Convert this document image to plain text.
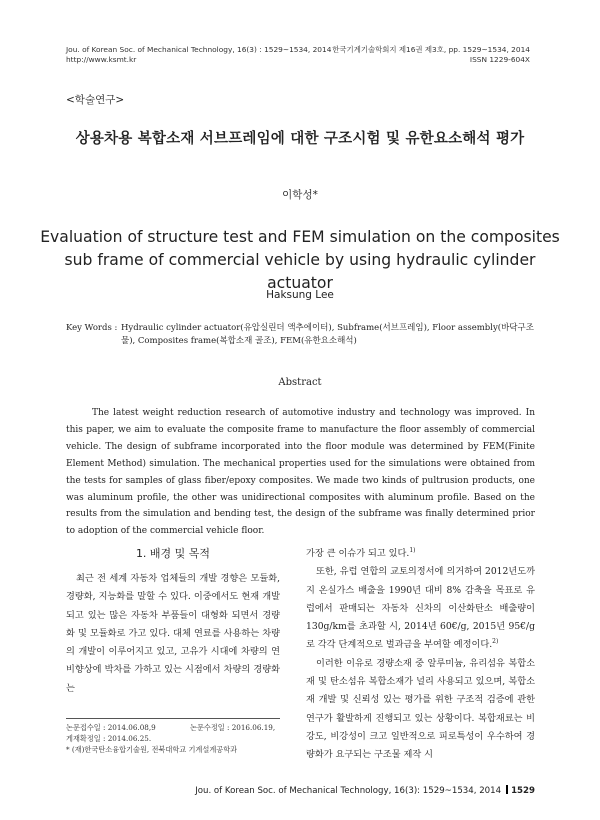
Jou. of Korean Soc. of Mechanical Technology, 16(3) : 1529~1534, 2014
http://www.ksmt.kr
한국기계기술학회지 제16권 제3호, pp. 1529~1534, 2014
ISSN 1229-604X
<학술연구>
상용차용 복합소재 서브프레임에 대한 구조시험 및 유한요소해석 평가
이학성*
Evaluation of structure test and FEM simulation on the composites
sub frame of commercial vehicle by using hydraulic cylinder actuator
Haksung Lee
Key Words : Hydraulic cylinder actuator(유압실린더 액추에이터), Subframe(서브프레임), Floor assembly(바닥구조물), Composites frame(복합소재 골조), FEM(유한요소해석)
Abstract
The latest weight reduction research of automotive industry and technology was improved. In this paper, we aim to evaluate the composite frame to manufacture the floor assembly of commercial vehicle. The design of subframe incorporated into the floor module was determined by FEM(Finite Element Method) simulation. The mechanical properties used for the simulations were obtained from the tests for samples of glass fiber/epoxy composites. We made two kinds of pultrusion products, one was aluminum profile, the other was unidirectional composites with aluminum profile. Based on the results from the simulation and bending test, the design of the subframe was finally determined prior to adoption of the commercial vehicle floor.
1. 배경 및 목적
최근 전 세계 자동차 업체들의 개발 경향은 모듈화, 경량화, 지능화를 말할 수 있다. 이중에서도 현재 개발되고 있는 많은 자동차 부품들이 대형화 되면서 경량화 및 모듈화로 가고 있다. 대체 연료를 사용하는 차량의 개발이 이루어지고 있고, 고유가 시대에 차량의 연비향상에 박차를 가하고 있는 시점에서 차량의 경량화는

가장 큰 이슈가 되고 있다.$^{1)}$

또한, 유럽 연합의 교토의정서에 의거하여 2012년도까지 온실가스 배출을 1990년 대비 8% 감축을 목표로 유럽에서 판매되는 자동차 신차의 이산화탄소 배출량이 130g/km를 초과할 시, 2014년 60€/g, 2015년 95€/g로 각각 단계적으로 벌과금을 부여할 예정이다.$^{2)}$

이러한 이유로 경량소재 중 알루미늄, 유리섬유 복합소재 및 탄소섬유 복합소재가 널리 사용되고 있으며, 복합소재 개발 및 신뢰성 있는 평가를 위한 구조적 검증에 관한 연구가 활발하게 진행되고 있는 상황이다. 복합재료는 비강도, 비강성이 크고 일반적으로 피로특성이 우수하여 경량화가 요구되는 구조물 제작 시

논문접수일 : 2014.06.08,9	논문수정일 : 2016.06.19,
게재확정일 : 2014.06.25.
* (재)한국탄소융합기술원, 전북대학교 기계설계공학과
Jou. of Korean Soc. of Mechanical Technology, 16(3): 1529~1534, 2014 1529
